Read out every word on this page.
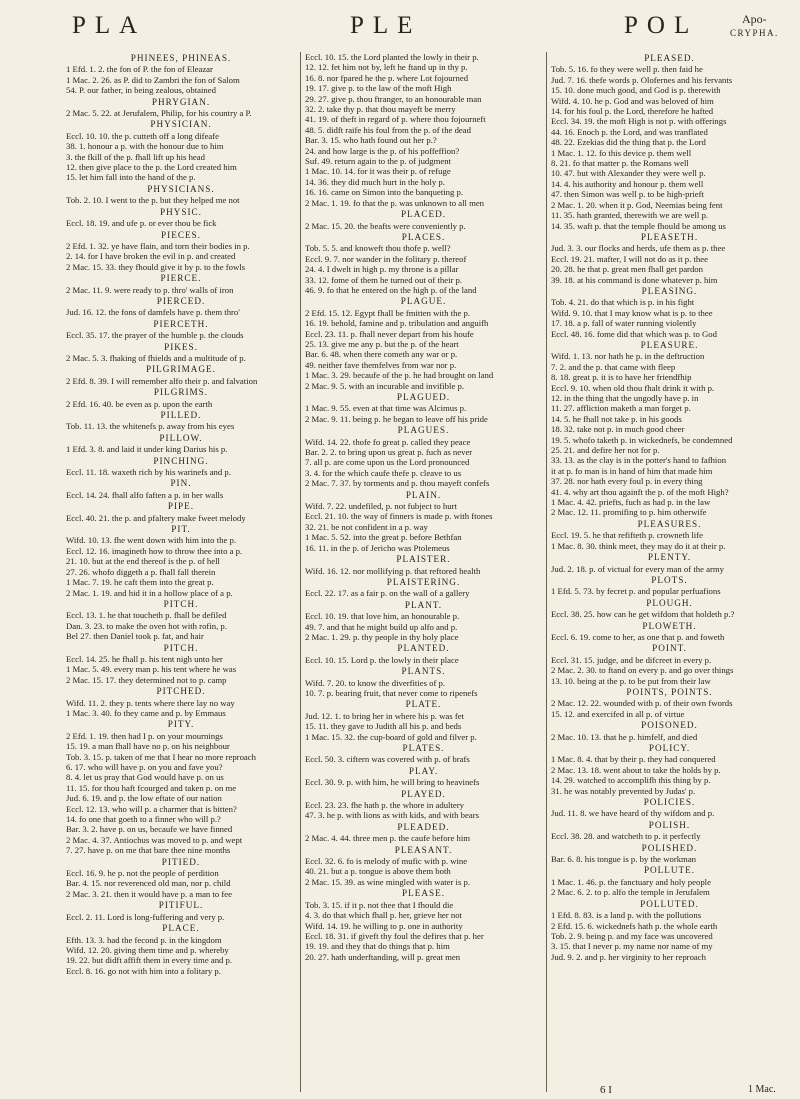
PLA	PLE	POL	Apo-
CRYPHA.

PHINEES, PHINEAS.

1 Efd. 1. 2. the fon of P. the fon of Eleazar

1 Mac. 2. 26. as P. did to Zambri the fon of Salom

54. P. our father, in being zealous, obtained

PHRYGIAN.

2 Mac. 5. 22. at Jerufalem, Philip, for his country a P.

PHYSICIAN.

Eccl. 10. 10. the p. cutteth off a long difeafe

38. 1. honour a p. with the honour due to him

3. the fkill of the p. fhall lift up his head

12. then give place to the p. the Lord created him

15. let him fall into the hand of the p.

PHYSICIANS.

Tob. 2. 10. I went to the p. but they helped me not

PHYSIC.

Eccl. 18. 19. and ufe p. or ever thou be fick

PIECES.

2 Efd. 1. 32. ye have flain, and torn their bodies in p.

2. 14. for I have broken the evil in p. and created

2 Mac. 15. 33. they fhould give it by p. to the fowls

PIERCE.

2 Mac. 11. 9. were ready to p. thro' walls of iron

PIERCED.

Jud. 16. 12. the fons of damfels have p. them thro'

PIERCETH.

Eccl. 35. 17. the prayer of the humble p. the clouds

PIKES.

2 Mac. 5. 3. fhaking of fhields and a multitude of p.

PILGRIMAGE.

2 Efd. 8. 39. I will remember alfo their p. and falvation

PILGRIMS.

2 Efd. 16. 40. be even as p. upon the earth

PILLED.

Tob. 11. 13. the whitenefs p. away from his eyes

PILLOW.

1 Efd. 3. 8. and laid it under king Darius his p.

PINCHING.

Eccl. 11. 18. waxeth rich by his warinefs and p.

PIN.

Eccl. 14. 24. fhall alfo faften a p. in her walls

PIPE.

Eccl. 40. 21. the p. and pfaltery make fweet melody

PIT.

Wifd. 10. 13. fhe went down with him into the p.

Eccl. 12. 16. imagineth how to throw thee into a p.

21. 10. but at the end thereof is the p. of hell

27. 26. whofo diggeth a p. fhall fall therein

1 Mac. 7. 19. he caft them into the great p.

2 Mac. 1. 19. and hid it in a hollow place of a p.

PITCH.

Eccl. 13. 1. he that toucheth p. fhall be defiled

Dan. 3. 23. to make the oven hot with rofin, p.

Bel 27. then Daniel took p. fat, and hair

PITCH.

Eccl. 14. 25. he fhall p. his tent nigh unto her

1 Mac. 5. 49. every man p. his tent where he was

2 Mac. 15. 17. they determined not to p. camp

PITCHED.

Wifd. 11. 2. they p. tents where there lay no way

1 Mac. 3. 40. fo they came and p. by Emmaus

PITY.

2 Efd. 1. 19. then had I p. on your mournings

15. 19. a man fhall have no p. on his neighbour

Tob. 3. 15. p. taken of me that I hear no more reproach

6. 17. who will have p. on you and fave you?

8. 4. let us pray that God would have p. on us

11. 15. for thou haft fcourged and taken p. on me

Jud. 6. 19. and p. the low eftate of our nation

Eccl. 12. 13. who will p. a charmer that is bitten?

14. fo one that goeth to a finner who will p.?

Bar. 3. 2. have p. on us, becaufe we have finned

2 Mac. 4. 37. Antiochus was moved to p. and wept

7. 27. have p. on me that bare thee nine months

PITIED.

Eccl. 16. 9. he p. not the people of perdition

Bar. 4. 15. nor reverenced old man, nor p. child

2 Mac. 3. 21. then it would have p. a man to fee

PITIFUL.

Eccl. 2. 11. Lord is long-fuffering and very p.

PLACE.

Efth. 13. 3. had the fecond p. in the kingdom

Wifd. 12. 20. giving them time and p. whereby

19. 22. but didft affift them in every time and p.

Eccl. 8. 16. go not with him into a folitary p.

Eccl. 10. 15. the Lord planted the lowly in their p.

12. 12. fet him not by, left he ftand up in thy p.

16. 8. nor fpared he the p. where Lot fojourned

19. 17. give p. to the law of the moft High

29. 27. give p. thou ftranger, to an honourable man

32. 2. take thy p. that thou mayeft be merry

41. 19. of theft in regard of p. where thou fojourneft

48. 5. didft raife his foul from the p. of the dead

Bar. 3. 15. who hath found out her p.?

24. and how large is the p. of his poffeffion?

Suf. 49. return again to the p. of judgment

1 Mac. 10. 14. for it was their p. of refuge

14. 36. they did much hurt in the holy p.

16. 16. came on Simon into the banqueting p.

2 Mac. 1. 19. fo that the p. was unknown to all men

PLACED.

2 Mac. 15. 20. the beafts were conveniently p.

PLACES.

Tob. 5. 5. and knoweft thou thofe p. well?

Eccl. 9. 7. nor wander in the folitary p. thereof

24. 4. I dwelt in high p. my throne is a pillar

33. 12. fome of them he turned out of their p.

46. 9. fo that he entered on the high p. of the land

PLAGUE.

2 Efd. 15. 12. Egypt fhall be fmitten with the p.

16. 19. behold, famine and p. tribulation and anguifh

Eccl. 23. 11. p. fhall never depart from his houfe

25. 13. give me any p. but the p. of the heart

Bar. 6. 48. when there cometh any war or p.

49. neither fave themfelves from war nor p.

1 Mac. 3. 29. becaufe of the p. he had brought on land

2 Mac. 9. 5. with an incurable and invifible p.

PLAGUED.

1 Mac. 9. 55. even at that time was Alcimus p.

2 Mac. 9. 11. being p. he began to leave off his pride

PLAGUES.

Wifd. 14. 22. thofe fo great p. called they peace

Bar. 2. 2. to bring upon us great p. fuch as never

7. all p. are come upon us the Lord pronounced

3. 4. for the which caufe thefe p. cleave to us

2 Mac. 7. 37. by torments and p. thou mayeft confefs

PLAIN.

Wifd. 7. 22. undefiled, p. not fubject to hurt

Eccl. 21. 10. the way of finners is made p. with ftones

32. 21. be not confident in a p. way

1 Mac. 5. 52. into the great p. before Bethfan

16. 11. in the p. of Jericho was Ptolemeus

PLAISTER.

Wifd. 16. 12. nor mollifying p. that reftored health

PLAISTERING.

Eccl. 22. 17. as a fair p. on the wall of a gallery

PLANT.

Eccl. 10. 19. that love him, an honourable p.

49. 7. and that he might build up alfo and p.

2 Mac. 1. 29. p. thy people in thy holy place

PLANTED.

Eccl. 10. 15. Lord p. the lowly in their place

PLANTS.

Wifd. 7. 20. to know the diverfities of p.

10. 7. p. bearing fruit, that never come to ripenefs

PLATE.

Jud. 12. 1. to bring her in where his p. was fet

15. 11. they gave to Judith all his p. and beds

1 Mac. 15. 32. the cup-board of gold and filver p.

PLATES.

Eccl. 50. 3. ciftern was covered with p. of brafs

PLAY.

Eccl. 30. 9. p. with him, he will bring to heavinefs

PLAYED.

Eccl. 23. 23. fhe hath p. the whore in adultery

47. 3. he p. with lions as with kids, and with bears

PLEADED.

2 Mac. 4. 44. three men p. the caufe before him

PLEASANT.

Eccl. 32. 6. fo is melody of mufic with p. wine

40. 21. but a p. tongue is above them both

2 Mac. 15. 39. as wine mingled with water is p.

PLEASE.

Tob. 3. 15. if it p. not thee that I fhould die

4. 3. do that which fhall p. her, grieve her not

Wifd. 14. 19. he willing to p. one in authority

Eccl. 18. 31. if giveft thy foul the defires that p. her

19. 19. and they that do things that p. him

20. 27. hath underftanding, will p. great men

PLEASED.

Tob. 5. 16. fo they were well p. then faid he

Jud. 7. 16. thefe words p. Olofernes and his fervants

15. 10. done much good, and God is p. therewith

Wifd. 4. 10. he p. God and was beloved of him

14. for his foul p. the Lord, therefore he hafted

Eccl. 34. 19. the moft High is not p. with offerings

44. 16. Enoch p. the Lord, and was tranflated

48. 22. Ezekias did the thing that p. the Lord

1 Mac. 1. 12. fo this device p. them well

8. 21. fo that matter p. the Romans well

10. 47. but with Alexander they were well p.

14. 4. his authority and honour p. them well

47. then Simon was well p. to be high-prieft

2 Mac. 1. 20. when it p. God, Neemias being fent

11. 35. hath granted, therewith we are well p.

14. 35. waft p. that the temple fhould be among us

PLEASETH.

Jud. 3. 3. our flocks and herds, ufe them as p. thee

Eccl. 19. 21. mafter, I will not do as it p. thee

20. 28. he that p. great men fhall get pardon

39. 18. at his command is done whatever p. him

PLEASING.

Tob. 4. 21. do that which is p. in his fight

Wifd. 9. 10. that I may know what is p. to thee

17. 18. a p. fall of water running violently

Eccl. 48. 16. fome did that which was p. to God

PLEASURE.

Wifd. 1. 13. nor hath he p. in the deftruction

7. 2. and the p. that came with fleep

8. 18. great p. it is to have her friendfhip

Eccl. 9. 10. when old thou fhalt drink it with p.

12. in the thing that the ungodly have p. in

11. 27. affliction maketh a man forget p.

14. 5. he fhall not take p. in his goods

18. 32. take not p. in much good cheer

19. 5. whofo taketh p. in wickednefs, be condemned

25. 21. and defire her not for p.

33. 13. as the clay is in the potter's hand to fafhion

it at p. fo man is in hand of him that made him

37. 28. nor hath every foul p. in every thing

41. 4. why art thou againft the p. of the moft High?

1 Mac. 4. 42. priefts, fuch as had p. in the law

2 Mac. 12. 11. promifing to p. him otherwife

PLEASURES.

Eccl. 19. 5. he that refifteth p. crowneth life

1 Mac. 8. 30. think meet, they may do it at their p.

PLENTY.

Jud. 2. 18. p. of victual for every man of the army

PLOTS.

1 Efd. 5. 73. by fecret p. and popular perfuafions

PLOUGH.

Eccl. 38. 25. how can he get wifdom that holdeth p.?

PLOWETH.

Eccl. 6. 19. come to her, as one that p. and foweth

POINT.

Eccl. 31. 15. judge, and be difcreet in every p.

2 Mac. 2. 30. to ftand on every p. and go over things

13. 10. being at the p. to be put from their law

POINTS, POINTS.

2 Mac. 12. 22. wounded with p. of their own fwords

15. 12. and exercifed in all p. of virtue

POISONED.

2 Mac. 10. 13. that he p. himfelf, and died

POLICY.

1 Mac. 8. 4. that by their p. they had conquered

2 Mac. 13. 18. went about to take the holds by p.

14. 29. watched to accomplifh this thing by p.

31. he was notably prevented by Judas' p.

POLICIES.

Jud. 11. 8. we have heard of thy wifdom and p.

POLISH.

Eccl. 38. 28. and watcheth to p. it perfectly

POLISHED.

Bar. 6. 8. his tongue is p. by the workman

POLLUTE.

1 Mac. 1. 46. p. the fanctuary and holy people

2 Mac. 6. 2. to p. alfo the temple in Jerufalem

POLLUTED.

1 Efd. 8. 83. is a land p. with the pollutions

2 Efd. 15. 6. wickednefs hath p. the whole earth

Tob. 2. 9. being p. and my face was uncovered

3. 15. that I never p. my name nor name of my

Jud. 9. 2. and p. her virginity to her reproach

6 I	1 Mac.
